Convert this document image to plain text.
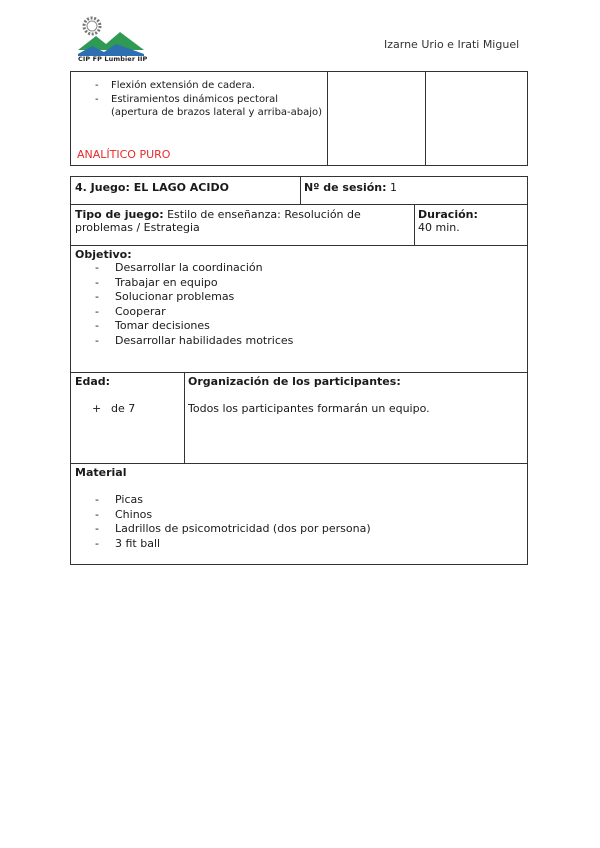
CIP FP Lumbier IIP
Izarne Urio e Irati Miguel
- Flexión extensión de cadera.
- Estiramientos dinámicos pectoral (apertura de brazos lateral y arriba-abajo)
ANALÍTICO PURO
4. Juego: EL LAGO ACIDO	Nº de sesión: 1
Tipo de juego: Estilo de enseñanza: Resolución de problemas / Estrategia
Duración:
40 min.
Objetivo:
- Desarrollar la coordinación
- Trabajar en equipo
- Solucionar problemas
- Cooperar
- Tomar decisiones
- Desarrollar habilidades motrices
Edad:
+ de 7
Organización de los participantes:
Todos los participantes formarán un equipo.
Material
- Picas
- Chinos
- Ladrillos de psicomotricidad (dos por persona)
- 3 fit ball
